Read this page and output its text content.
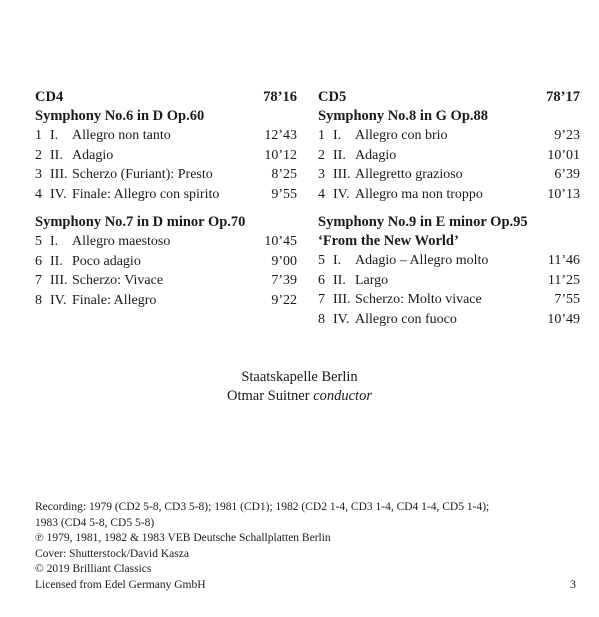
CD4	78’16
Symphony No.6 in D Op.60
1 I. Allegro non tanto	12’43
2 II. Adagio	10’12
3 III. Scherzo (Furiant): Presto	8’25
4 IV. Finale: Allegro con spirito	9’55
Symphony No.7 in D minor Op.70
5 I. Allegro maestoso	10’45
6 II. Poco adagio	9’00
7 III. Scherzo: Vivace	7’39
8 IV. Finale: Allegro	9’22
CD5	78’17
Symphony No.8 in G Op.88
1 I. Allegro con brio	9’23
2 II. Adagio	10’01
3 III. Allegretto grazioso	6’39
4 IV. Allegro ma non troppo	10’13
Symphony No.9 in E minor Op.95
‘From the New World’
5 I. Adagio – Allegro molto	11’46
6 II. Largo	11’25
7 III. Scherzo: Molto vivace	7’55
8 IV. Allegro con fuoco	10’49
Staatskapelle Berlin
Otmar Suitner conductor
Recording: 1979 (CD2 5-8, CD3 5-8); 1981 (CD1); 1982 (CD2 1-4, CD3 1-4, CD4 1-4, CD5 1-4);
1983 (CD4 5-8, CD5 5-8)
℗ 1979, 1981, 1982 & 1983 VEB Deutsche Schallplatten Berlin
Cover: Shutterstock/David Kasza
© 2019 Brilliant Classics
Licensed from Edel Germany GmbH	3
